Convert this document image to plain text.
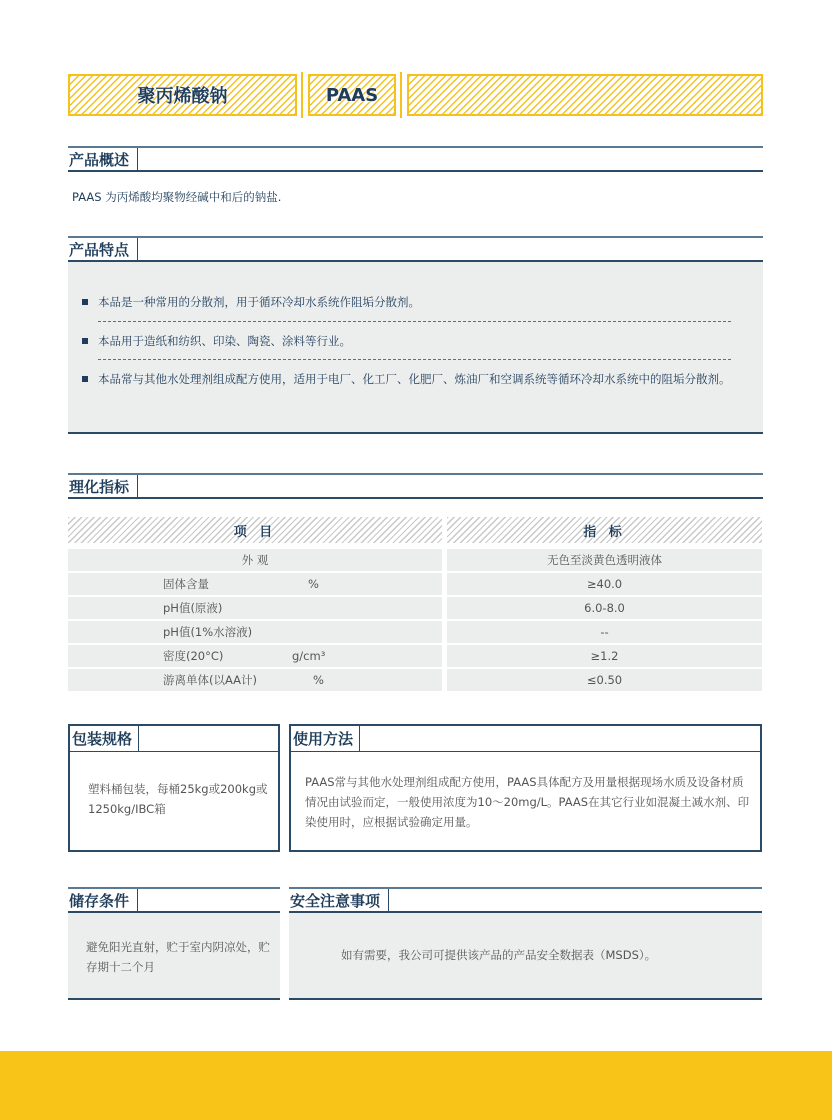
聚丙烯酸钠	PAAS
产品概述
PAAS 为丙烯酸均聚物经碱中和后的钠盐.
产品特点
本品是一种常用的分散剂，用于循环冷却水系统作阻垢分散剂。
本品用于造纸和纺织、印染、陶瓷、涂料等行业。
本品常与其他水处理剂组成配方使用，适用于电厂、化工厂、化肥厂、炼油厂和空调系统等循环冷却水系统中的阻垢分散剂。
理化指标
项 目	指 标
外 观	无色至淡黄色透明液体
固体含量	%	≥40.0
pH值(原液)	6.0-8.0
pH值(1%水溶液)	--
密度(20°C)	g/cm³	≥1.2
游离单体(以AA计)	%	≤0.50
包装规格
塑料桶包装，每桶25kg或200kg或1250kg/IBC箱
使用方法
PAAS常与其他水处理剂组成配方使用，PAAS具体配方及用量根据现场水质及设备材质情况由试验而定，一般使用浓度为10～20mg/L。PAAS在其它行业如混凝土减水剂、印染使用时，应根据试验确定用量。
储存条件
避免阳光直射，贮于室内阴凉处，贮存期十二个月
安全注意事项
如有需要，我公司可提供该产品的产品安全数据表（MSDS）。
